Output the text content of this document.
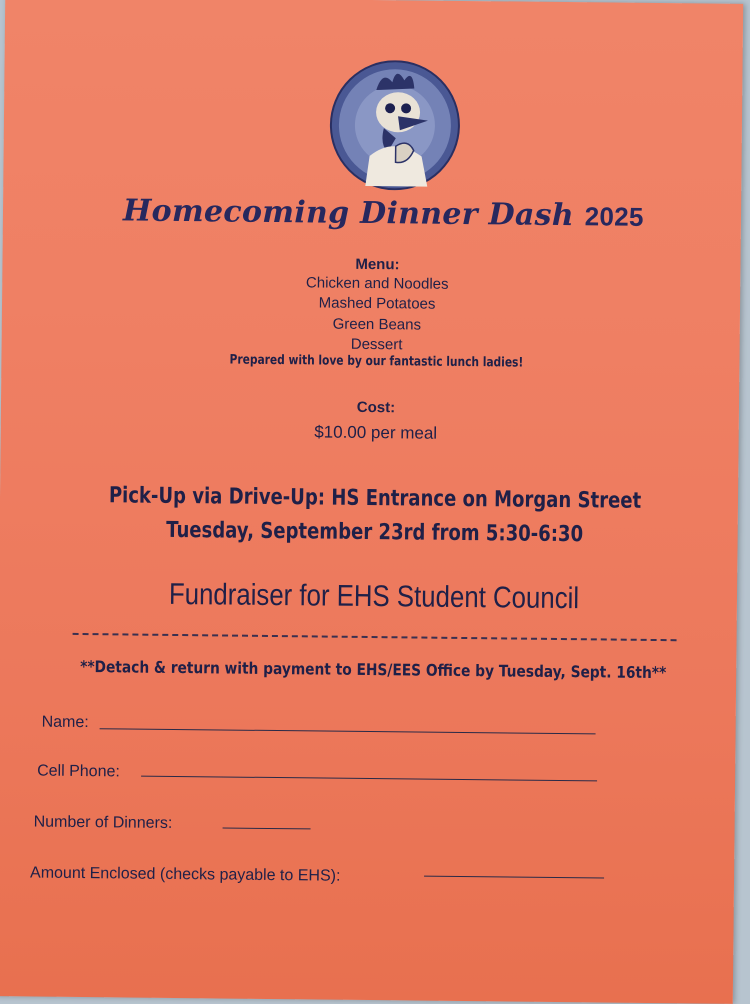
Homecoming Dinner Dash 2025
Menu:
Chicken and Noodles
Mashed Potatoes
Green Beans
Dessert
Prepared with love by our fantastic lunch ladies!
Cost:
$10.00 per meal
Pick-Up via Drive-Up: HS Entrance on Morgan Street
Tuesday, September 23rd from 5:30-6:30
Fundraiser for EHS Student Council
**Detach & return with payment to EHS/EES Office by Tuesday, Sept. 16th**
Name:
Cell Phone:
Number of Dinners:
Amount Enclosed (checks payable to EHS):
